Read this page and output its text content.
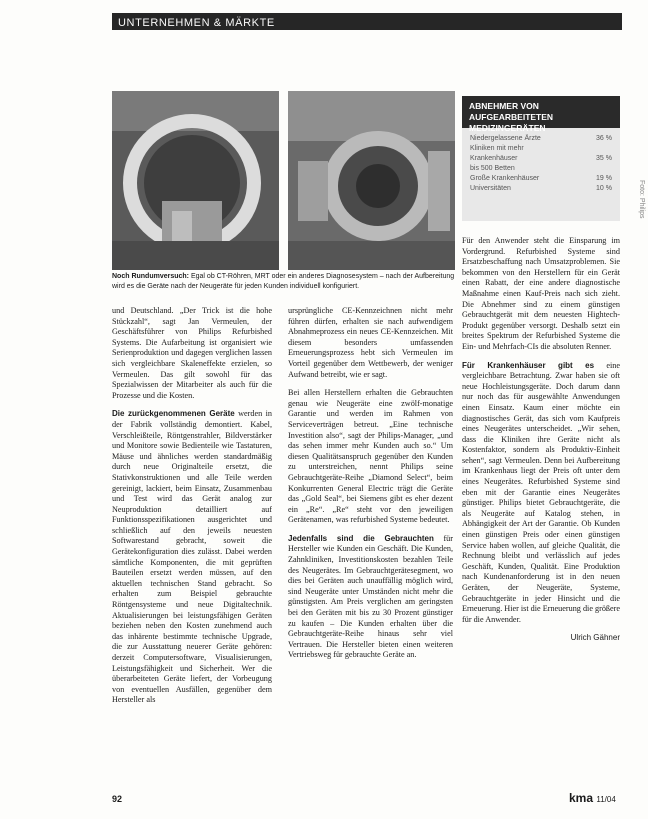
UNTERNEHMEN & MÄRKTE
Noch Rundumversuch: Egal ob CT-Röhren, MRT oder ein anderes Diagnosesystem – nach der Aufbereitung wird es die Geräte nach der Neugeräte für jeden Kunden individuell konfiguriert.
ABNEHMER VON AUFGEARBEITETEN MEDIZINGERÄTEN
Niedergelassene Ärzte	36 %
Kliniken mit mehr
Krankenhäuser	35 %
bis 500 Betten
Große Krankenhäuser	19 %
Universitäten	10 %

und Deutschland. „Der Trick ist die hohe Stückzahl“, sagt Jan Vermeulen, der Geschäftsführer von Philips Refurbished Systems. Die Aufarbeitung ist organisiert wie Serienproduktion und dagegen verglichen lassen sich vergleichbare Skaleneffekte erzielen, so Vermeulen. Das gilt sowohl für das Spezialwissen der Mitarbeiter als auch für die Prozesse und die Kosten.

Die zurückgenommenen Geräte werden in der Fabrik vollständig demontiert. Kabel, Verschleißteile, Röntgenstrahler, Bildverstärker und Monitore sowie Bedienteile wie Tastaturen, Mäuse und ähnliches werden standardmäßig durch neue Originalteile ersetzt, die Stativkonstruktionen und alle Teile werden gereinigt, lackiert, beim Einsatz, Zusammenbau und Test wird das Gerät analog zur Neuproduktion detailliert auf Funktionsspezifikationen ausgerichtet und schließlich auf den jeweils neuesten Softwarestand gebracht, soweit die Gerätekonfiguration dies zulässt. Dabei werden sämtliche Komponenten, die mit geprüften Bauteilen ersetzt werden müssen, auf den aktuellen technischen Stand gebracht. So erhalten zum Beispiel gebrauchte Röntgensysteme und neue Digitaltechnik. Aktualisierungen bei leistungsfähigen Geräten beziehen neben den Kosten zunehmend auch das inhärente bestimmte technische Upgrade, die zur Ausstattung neuerer Geräte gehören: derzeit Computersoftware, Visualisierungen, Leistungsfähigkeit und Sicherheit. Wer die überarbeiteten Geräte liefert, der Vorbeugung von eventuellen Ausfällen, gegenüber dem Hersteller als

ursprüngliche CE-Kennzeichnen nicht mehr führen dürfen, erhalten sie nach aufwendigem Abnahmeprozess ein neues CE-Kennzeichen. Mit diesem besonders umfassenden Erneuerungsprozess hebt sich Vermeulen im Vorteil gegenüber dem Wettbewerb, der weniger Aufwand betreibt, wie er sagt.

Bei allen Herstellern erhalten die Gebrauchten genau wie Neugeräte eine zwölf-monatige Garantie und werden im Rahmen von Serviceverträgen betreut. „Eine technische Investition also“, sagt der Philips-Manager, „und das sehen immer mehr Kunden auch so.“ Um diesen Qualitätsanspruch gegenüber den Kunden zu unterstreichen, nennt Philips seine Gebrauchtgeräte-Reihe „Diamond Select“, beim Konkurrenten General Electric trägt die Geräte das „Gold Seal“, bei Siemens gibt es eher dezent ein „Re“. „Re“ steht vor den jeweiligen Gerätenamen, was refurbished Systeme bedeutet.

Jedenfalls sind die Gebrauchten für Hersteller wie Kunden ein Geschäft. Die Kunden, Zahnkliniken, Investitionskosten bezahlen Teile des Neugerätes. Im Gebrauchtgerätesegment, wo dies bei Geräten auch unauffällig möglich wird, sind Neugeräte unter Umständen nicht mehr die günstigsten. Am Preis verglichen am geringsten bei den Geräten mit bis zu 30 Prozent günstiger zu kaufen – Die Kunden erhalten über die Gebrauchtgeräte-Reihe hinaus sehr viel Vertrauen. Die Hersteller bieten einen weiteren Vertriebsweg für gebrauchte Geräte an.

Für den Anwender steht die Einsparung im Vordergrund. Refurbished Systeme sind Ersatzbeschaffung nach Umsatzproblemen. Sie bekommen von den Herstellern für ein Gerät einen Rabatt, der eine andere diagnostische Maßnahme einen Kauf-Preis nach sich zieht. Die Abnehmer sind zu einem günstigen Gebrauchtgerät mit dem neuesten Hightech-Produkt gegenüber versorgt. Deshalb setzt ein breites Spektrum der Refurbished Systeme die Ein- und Mehrfach-CIs die absoluten Renner.

Für Krankenhäuser gibt es eine vergleichbare Betrachtung. Zwar haben sie oft neue Hochleistungsgeräte. Doch darum dann nur noch das für ausgewählte Anwendungen einen Einsatz. Kaum einer möchte ein diagnostisches Gerät, das sich vom Kaufpreis eines Neugerätes unterscheidet. „Wir sehen, dass die Kliniken ihre Geräte nicht als Kostenfaktor, sondern als Produktiv-Einheit sehen“, sagt Vermeulen. Denn bei Aufbereitung im Krankenhaus liegt der Preis oft unter dem eines Neugerätes. Refurbished Systeme sind eben mit der Garantie eines Neugerätes günstiger. Philips bietet Gebrauchtgeräte, die als Neugeräte auf Katalog stehen, in Abhängigkeit der Art der Garantie. Ob Kunden einen günstigen Preis oder einen günstigen Service haben wollen, auf gleiche Qualität, die Rechnung bleibt und verlässlich auf jedes Geschäft, Kunden, Qualität. Eine Produktion nach Kundenanforderung ist in den neuen Geräten, der Neugeräte, Systeme, Gebrauchtgeräte in jeder Hinsicht und die Erneuerung. Hier ist die Erneuerung die größere für die Anwender.

Ulrich Gähner
Foto: Philips
92	kma 11/04
